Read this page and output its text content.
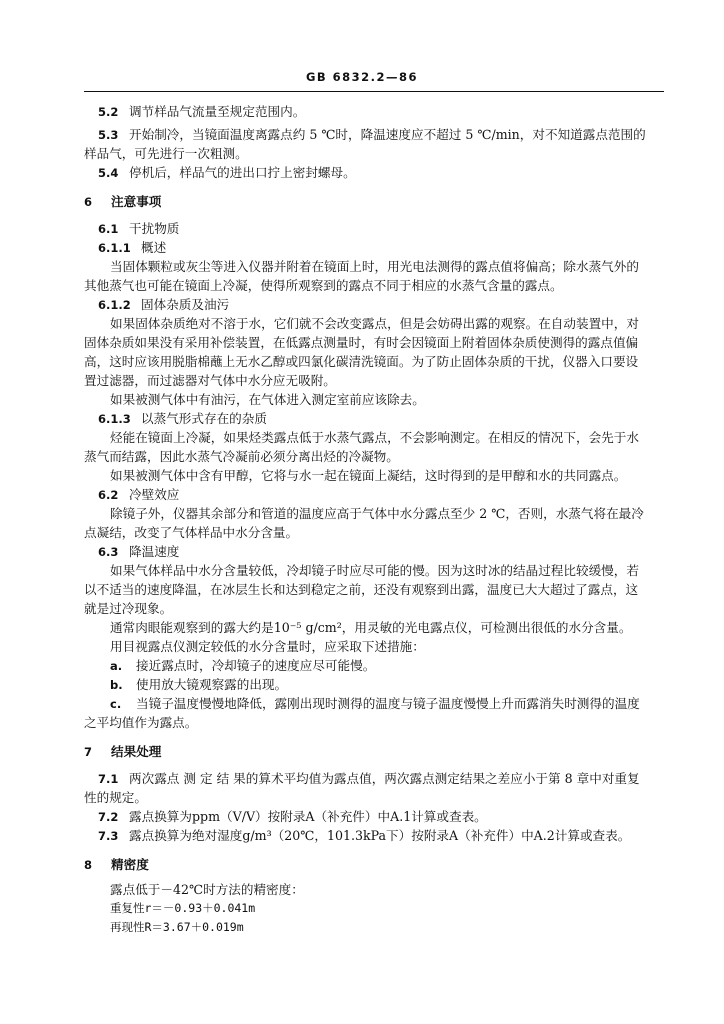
GB 6832.2—86
5.2 调节样品气流量至规定范围内。
5.3 开始制冷，当镜面温度离露点约 5 ℃时，降温速度应不超过 5 ℃/min，对不知道露点范围的
样品气，可先进行一次粗测。
5.4 停机后，样品气的进出口拧上密封螺母。
6 注意事项
6.1 干扰物质
6.1.1 概述
当固体颗粒或灰尘等进入仪器并附着在镜面上时，用光电法测得的露点值将偏高；除水蒸气外的
其他蒸气也可能在镜面上冷凝，使得所观察到的露点不同于相应的水蒸气含量的露点。
6.1.2 固体杂质及油污
如果固体杂质绝对不溶于水，它们就不会改变露点，但是会妨碍出露的观察。在自动装置中，对
固体杂质如果没有采用补偿装置，在低露点测量时，有时会因镜面上附着固体杂质使测得的露点值偏
高，这时应该用脱脂棉蘸上无水乙醇或四氯化碳清洗镜面。为了防止固体杂质的干扰，仪器入口要设
置过滤器，而过滤器对气体中水分应无吸附。
如果被测气体中有油污，在气体进入测定室前应该除去。
6.1.3 以蒸气形式存在的杂质
烃能在镜面上冷凝，如果烃类露点低于水蒸气露点，不会影响测定。在相反的情况下，会先于水
蒸气而结露，因此水蒸气冷凝前必须分离出烃的冷凝物。
如果被测气体中含有甲醇，它将与水一起在镜面上凝结，这时得到的是甲醇和水的共同露点。
6.2 冷壁效应
除镜子外，仪器其余部分和管道的温度应高于气体中水分露点至少 2 ℃，否则，水蒸气将在最冷
点凝结，改变了气体样品中水分含量。
6.3 降温速度
如果气体样品中水分含量较低，冷却镜子时应尽可能的慢。因为这时冰的结晶过程比较缓慢，若
以不适当的速度降温，在冰层生长和达到稳定之前，还没有观察到出露，温度已大大超过了露点，这
就是过冷现象。
通常肉眼能观察到的露大约是10⁻⁵ g/cm²，用灵敏的光电露点仪，可检测出很低的水分含量。
用目视露点仪测定较低的水分含量时，应采取下述措施：
a. 接近露点时，冷却镜子的速度应尽可能慢。
b. 使用放大镜观察露的出现。
c. 当镜子温度慢慢地降低，露刚出现时测得的温度与镜子温度慢慢上升而露消失时测得的温度
之平均值作为露点。
7 结果处理
7.1 两次露点 测 定 结 果的算术平均值为露点值，两次露点测定结果之差应小于第 8 章中对重复
性的规定。
7.2 露点换算为ppm（V/V）按附录A（补充件）中A.1计算或查表。
7.3 露点换算为绝对湿度g/m³（20℃，101.3kPa下）按附录A（补充件）中A.2计算或查表。
8 精密度
露点低于－42℃时方法的精密度：
重复性r＝－0.93＋0.041m
再现性R＝3.67＋0.019m
